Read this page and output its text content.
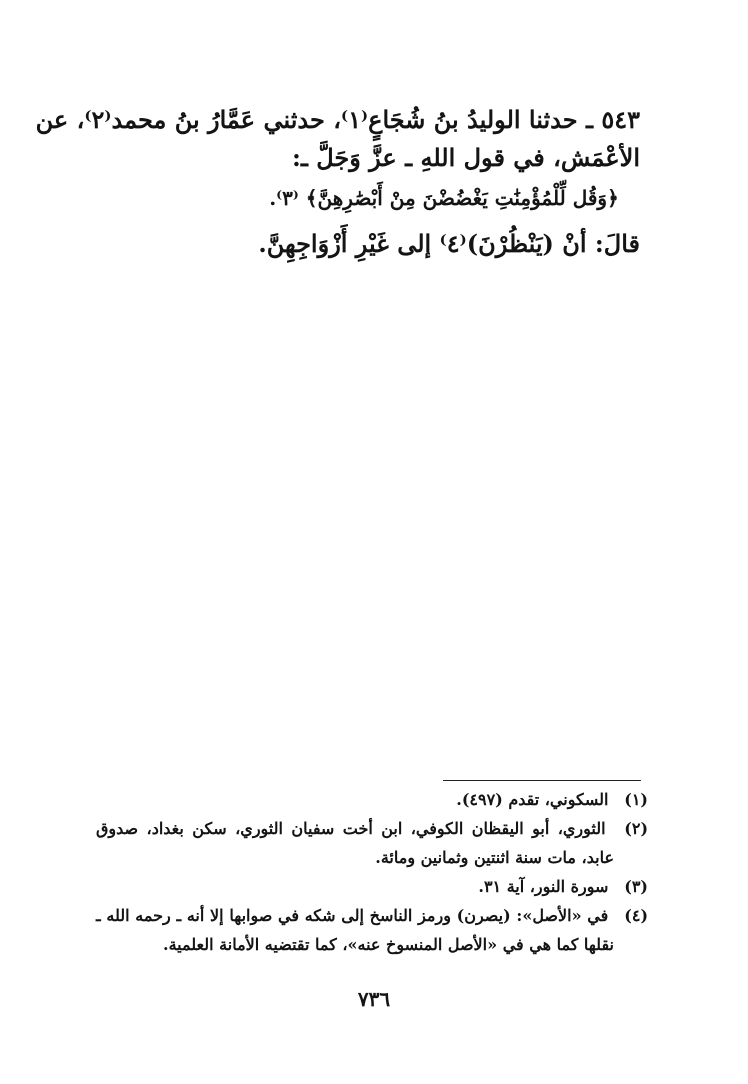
٥٤٣ ـ حدثنا الوليدُ بنُ شُجَاعٍ⁽١⁾، حدثني عَمَّارُ بنُ محمد⁽٢⁾، عن
الأعْمَش، في قول اللهِ ـ عزَّ وَجَلَّ ـ:
﴿وَقُل لِّلْمُؤْمِنَٰتِ يَغْضُضْنَ مِنْ أَبْصَٰرِهِنَّ﴾ ⁽٣⁾.
قالَ: أنْ (يَنْظُرْنَ)⁽٤⁾ إلى غَيْرِ أَزْوَاجِهِنَّ.
(١) السكوني، تقدم (٤٩٧).
(٢) الثوري، أبو اليقظان الكوفي، ابن أخت سفيان الثوري، سكن بغداد، صدوق
عابد، مات سنة اثنتين وثمانين ومائة.
(٣) سورة النور، آية ٣١.
(٤) في «الأصل»: (يصرن) ورمز الناسخ إلى شكه في صوابها إلا أنه ـ رحمه الله ـ
نقلها كما هي في «الأصل المنسوخ عنه»، كما تقتضيه الأمانة العلمية.
٧٣٦
